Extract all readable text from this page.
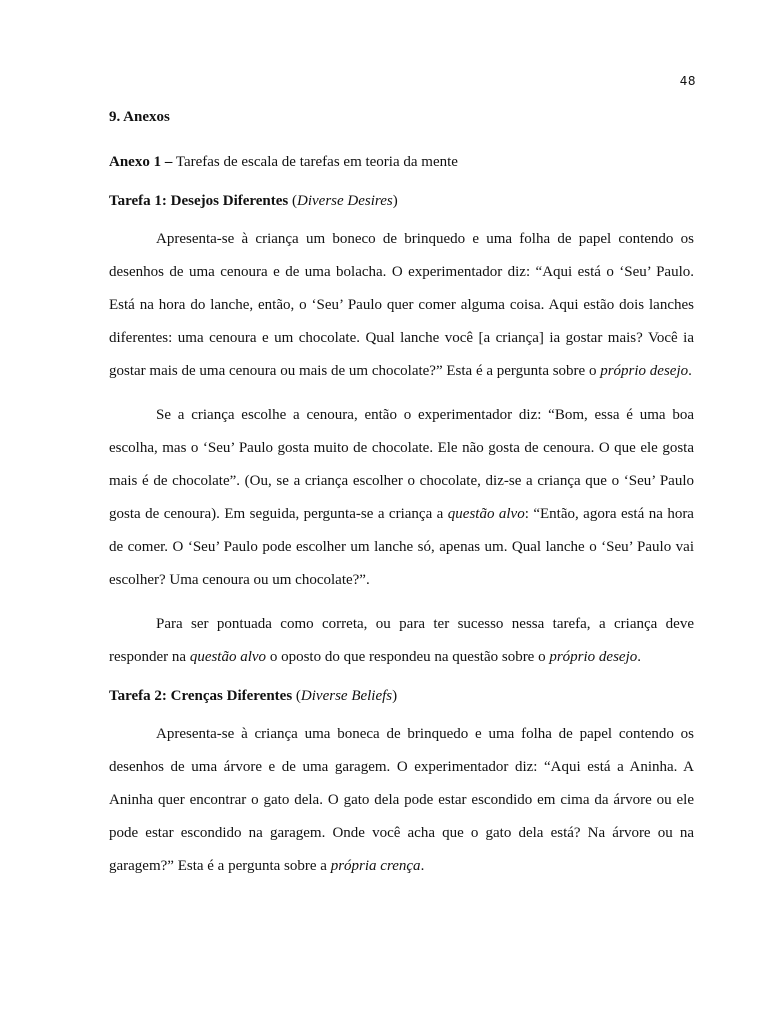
48
9. Anexos

Anexo 1 – Tarefas de escala de tarefas em teoria da mente

Tarefa 1: Desejos Diferentes (Diverse Desires)

Apresenta-se à criança um boneco de brinquedo e uma folha de papel contendo os desenhos de uma cenoura e de uma bolacha. O experimentador diz: “Aqui está o ‘Seu’ Paulo. Está na hora do lanche, então, o ‘Seu’ Paulo quer comer alguma coisa. Aqui estão dois lanches diferentes: uma cenoura e um chocolate. Qual lanche você [a criança] ia gostar mais? Você ia gostar mais de uma cenoura ou mais de um chocolate?” Esta é a pergunta sobre o próprio desejo.

Se a criança escolhe a cenoura, então o experimentador diz: “Bom, essa é uma boa escolha, mas o ‘Seu’ Paulo gosta muito de chocolate. Ele não gosta de cenoura. O que ele gosta mais é de chocolate”. (Ou, se a criança escolher o chocolate, diz-se a criança que o ‘Seu’ Paulo gosta de cenoura). Em seguida, pergunta-se a criança a questão alvo: “Então, agora está na hora de comer. O ‘Seu’ Paulo pode escolher um lanche só, apenas um. Qual lanche o ‘Seu’ Paulo vai escolher? Uma cenoura ou um chocolate?”.

Para ser pontuada como correta, ou para ter sucesso nessa tarefa, a criança deve responder na questão alvo o oposto do que respondeu na questão sobre o próprio desejo.

Tarefa 2: Crenças Diferentes (Diverse Beliefs)

Apresenta-se à criança uma boneca de brinquedo e uma folha de papel contendo os desenhos de uma árvore e de uma garagem. O experimentador diz: “Aqui está a Aninha. A Aninha quer encontrar o gato dela. O gato dela pode estar escondido em cima da árvore ou ele pode estar escondido na garagem. Onde você acha que o gato dela está? Na árvore ou na garagem?” Esta é a pergunta sobre a própria crença.
